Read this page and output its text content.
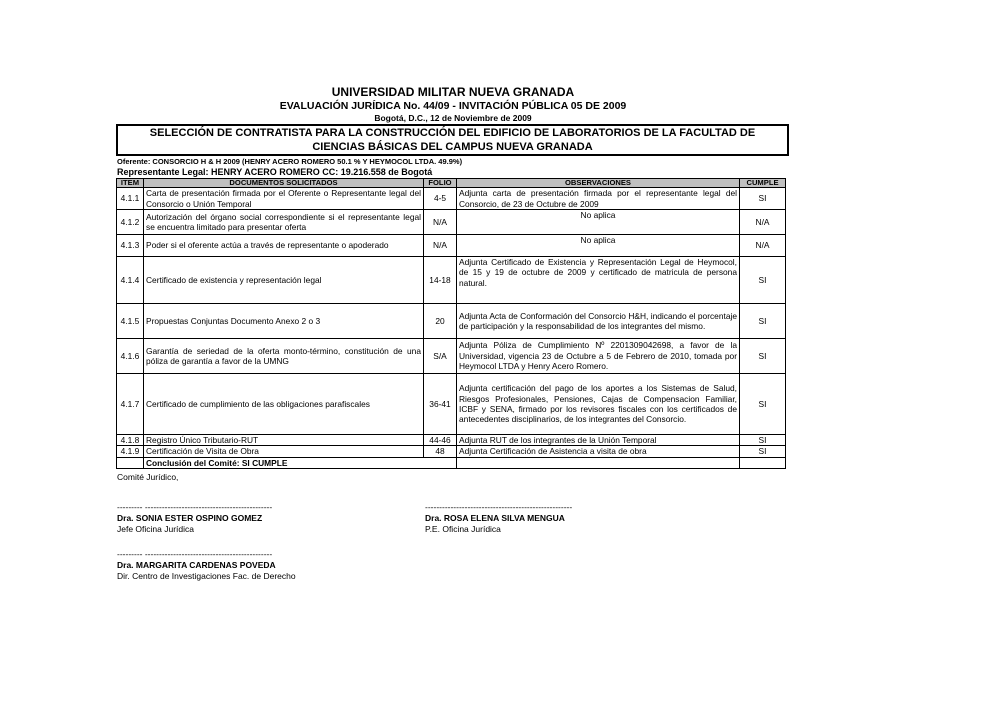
UNIVERSIDAD MILITAR NUEVA GRANADA
EVALUACIÓN JURÍDICA No. 44/09 - INVITACIÓN PÚBLICA 05 DE 2009
Bogotá, D.C., 12 de Noviembre de 2009
SELECCIÓN DE CONTRATISTA PARA LA CONSTRUCCIÓN DEL EDIFICIO DE LABORATORIOS DE LA FACULTAD DE
CIENCIAS BÁSICAS DEL CAMPUS NUEVA GRANADA
Oferente: CONSORCIO H & H 2009 (HENRY ACERO ROMERO 50.1 % Y HEYMOCOL LTDA. 49.9%)
Representante Legal: HENRY ACERO ROMERO CC: 19.216.558 de Bogotá
ITEM	DOCUMENTOS SOLICITADOS	FOLIO	OBSERVACIONES	CUMPLE
4.1.1	Carta de presentación firmada por el Oferente o Representante legal del Consorcio o Unión Temporal	4-5	Adjunta carta de presentación firmada por el representante legal del Consorcio, de 23 de Octubre de 2009	SI
4.1.2	Autorización del órgano social correspondiente si el representante legal se encuentra limitado para presentar oferta	N/A	No aplica	N/A
4.1.3	Poder si el oferente actúa a través de representante o apoderado	N/A	No aplica	N/A
4.1.4	Certificado de existencia y representación legal	14-18	Adjunta Certificado de Existencia y Representación Legal de Heymocol, de 15 y 19 de octubre de 2009 y certificado de matricula de persona natural.	SI
4.1.5	Propuestas Conjuntas Documento Anexo 2 o 3	20	Adjunta Acta de Conformación del Consorcio H&H, indicando el porcentaje de participación y la responsabilidad de los integrantes del mismo.	SI
4.1.6	Garantía de seriedad de la oferta monto-término, constitución de una póliza de garantía a favor de la UMNG	S/A	Adjunta Póliza de Cumplimiento Nº 2201309042698, a favor de la Universidad, vigencia 23 de Octubre a 5 de Febrero de 2010, tomada por Heymocol LTDA y Henry Acero Romero.	SI
4.1.7	Certificado de cumplimiento de las obligaciones parafiscales	36-41	Adjunta certificación del pago de los aportes a los Sistemas de Salud, Riesgos Profesionales, Pensiones, Cajas de Compensacion Familiar, ICBF y SENA, firmado por los revisores fiscales con los certificados de antecedentes disciplinarios, de los integrantes del Consorcio.	SI
4.1.8	Registro Único Tributario-RUT	44-46	Adjunta RUT de los integrantes de la Unión Temporal	SI
4.1.9	Certificación de Visita de Obra	48	Adjunta Certificación de Asistencia a visita de obra	SI
	Conclusión del Comité: SI CUMPLE			
Comité Jurídico,
--------- ---------------------------------------------
Dra. SONIA ESTER OSPINO GOMEZ
Jefe Oficina Jurídica
----------------------------------------------------
Dra. ROSA ELENA SILVA MENGUA
P.E. Oficina Jurídica
--------- ---------------------------------------------
Dra. MARGARITA CARDENAS POVEDA
Dir. Centro de Investigaciones Fac. de Derecho
